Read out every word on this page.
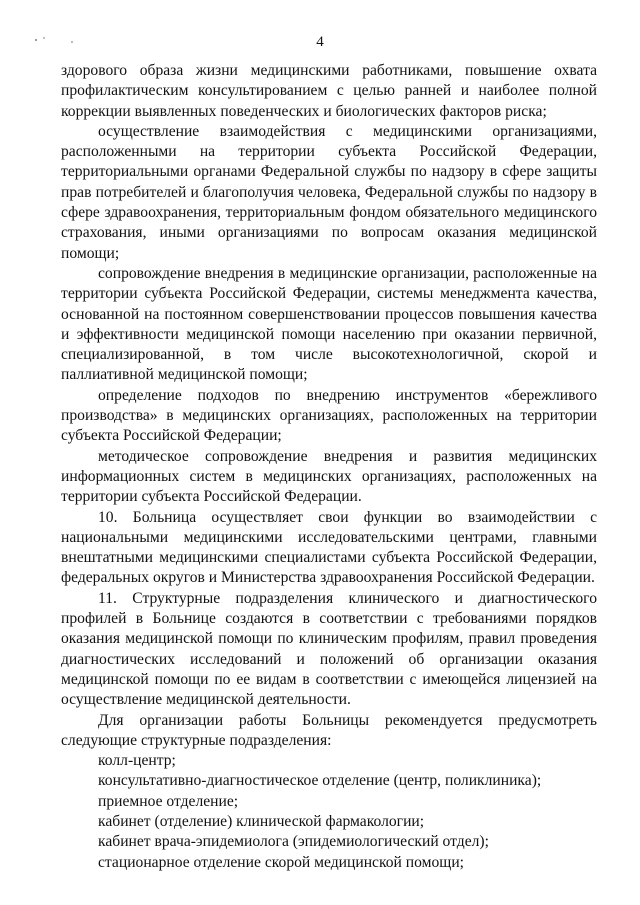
4

здорового образа жизни медицинскими работниками, повышение охвата профилактическим консультированием с целью ранней и наиболее полной коррекции выявленных поведенческих и биологических факторов риска;

осуществление взаимодействия с медицинскими организациями, расположенными на территории субъекта Российской Федерации, территориальными органами Федеральной службы по надзору в сфере защиты прав потребителей и благополучия человека, Федеральной службы по надзору в сфере здравоохранения, территориальным фондом обязательного медицинского страхования, иными организациями по вопросам оказания медицинской помощи;

сопровождение внедрения в медицинские организации, расположенные на территории субъекта Российской Федерации, системы менеджмента качества, основанной на постоянном совершенствовании процессов повышения качества и эффективности медицинской помощи населению при оказании первичной, специализированной, в том числе высокотехнологичной, скорой и паллиативной медицинской помощи;

определение подходов по внедрению инструментов «бережливого производства» в медицинских организациях, расположенных на территории субъекта Российской Федерации;

методическое сопровождение внедрения и развития медицинских информационных систем в медицинских организациях, расположенных на территории субъекта Российской Федерации.

10. Больница осуществляет свои функции во взаимодействии с национальными медицинскими исследовательскими центрами, главными внештатными медицинскими специалистами субъекта Российской Федерации, федеральных округов и Министерства здравоохранения Российской Федерации.

11. Структурные подразделения клинического и диагностического профилей в Больнице создаются в соответствии с требованиями порядков оказания медицинской помощи по клиническим профилям, правил проведения диагностических исследований и положений об организации оказания медицинской помощи по ее видам в соответствии с имеющейся лицензией на осуществление медицинской деятельности.

Для организации работы Больницы рекомендуется предусмотреть следующие структурные подразделения:

колл-центр;

консультативно-диагностическое отделение (центр, поликлиника);

приемное отделение;

кабинет (отделение) клинической фармакологии;

кабинет врача-эпидемиолога (эпидемиологический отдел);

стационарное отделение скорой медицинской помощи;
